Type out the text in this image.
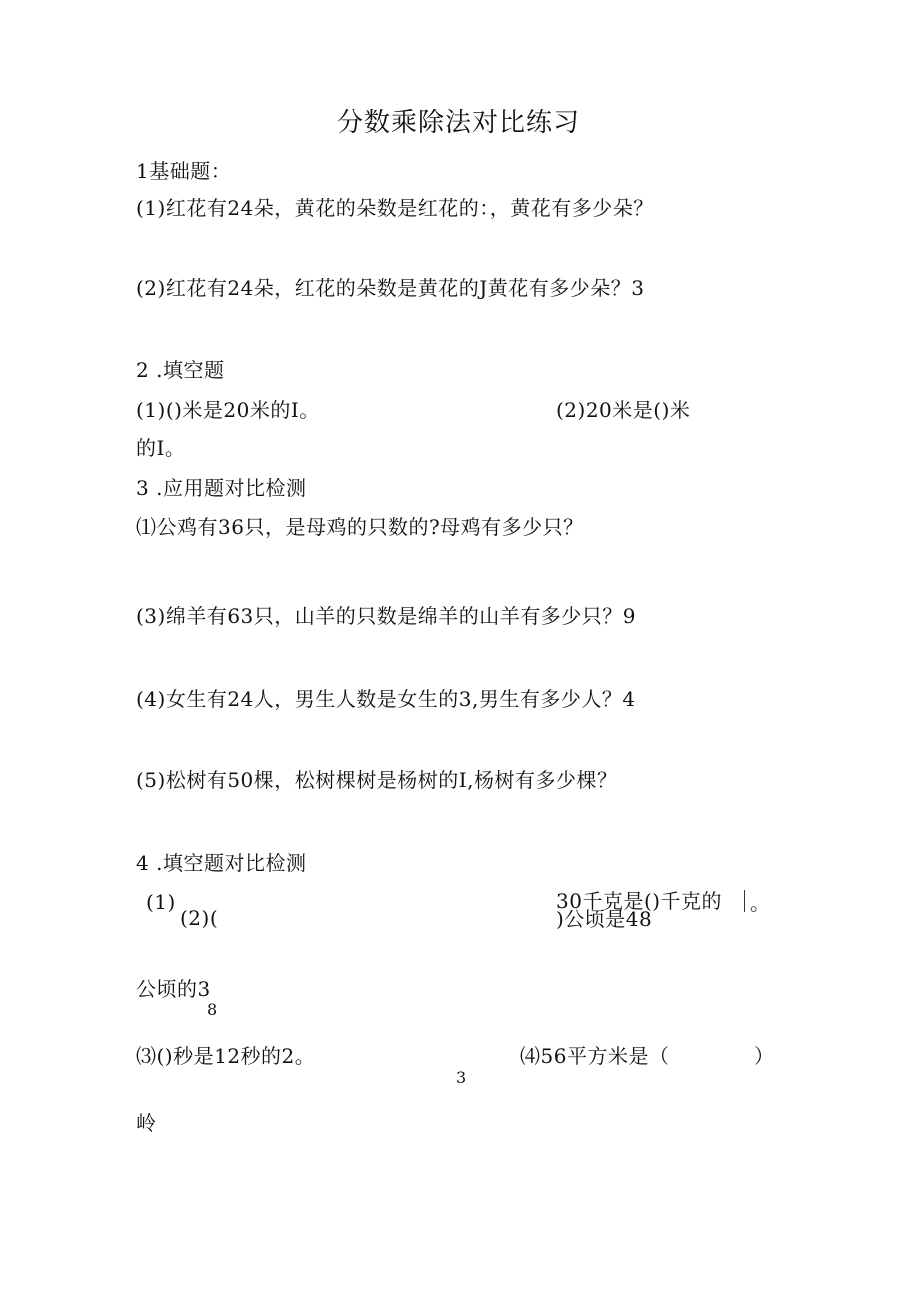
分数乘除法对比练习
1基础题：
(1)红花有24朵，黄花的朵数是红花的：，黄花有多少朵？
(2)红花有24朵，红花的朵数是黄花的J黄花有多少朵？3
2 .填空题
(1)()米是20米的I。	(2)20米是()米
的I。
3 .应用题对比检测
⑴公鸡有36只，是母鸡的只数的?母鸡有多少只？
(3)绵羊有63只，山羊的只数是绵羊的山羊有多少只？9
(4)女生有24人，男生人数是女生的3,男生有多少人？4
(5)松树有50棵，松树棵树是杨树的I,杨树有多少棵？
4 .填空题对比检测
(1)
(2)(
30千克是()千克的 。
)公顷是48
公顷的3
8
⑶()秒是12秒的2。
3
⑷56平方米是（	）
岭
